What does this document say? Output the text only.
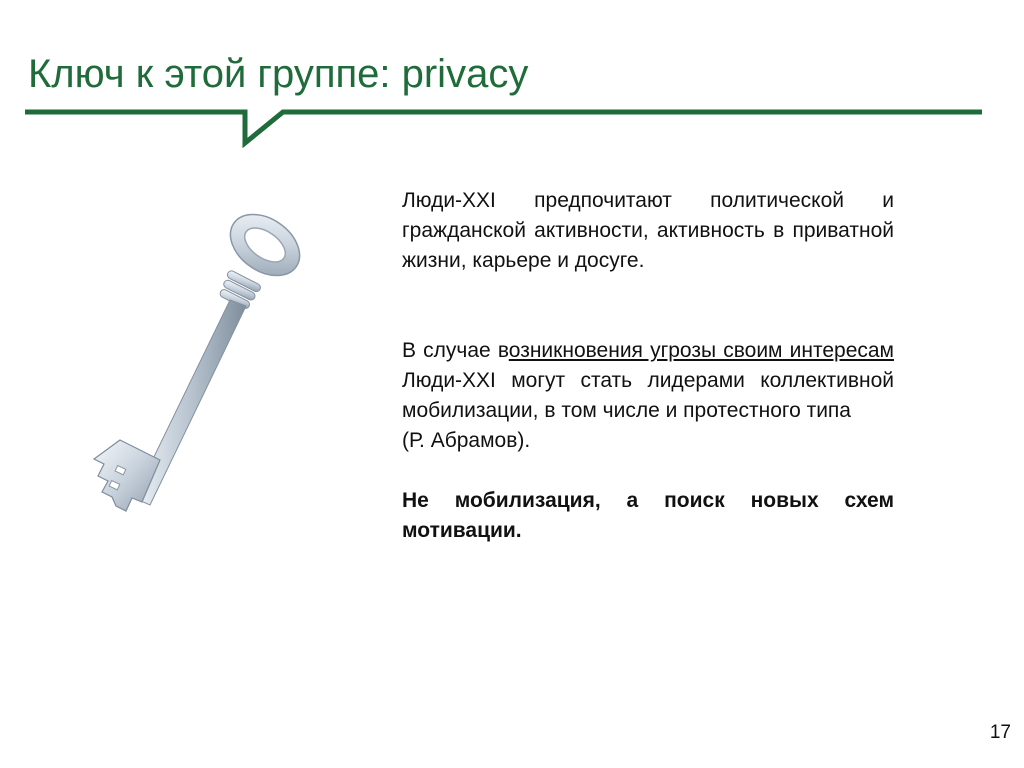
Ключ к этой группе: privacy

Люди-XXI предпочитают политической и гражданской активности, активность в приватной жизни, карьере и досуге.

В случае возникновения угрозы своим интересам Люди-XXI могут стать лидерами коллективной мобилизации, в том числе и протестного типа
(Р. Абрамов).

Не мобилизация, а поиск новых схем мотивации.

17
